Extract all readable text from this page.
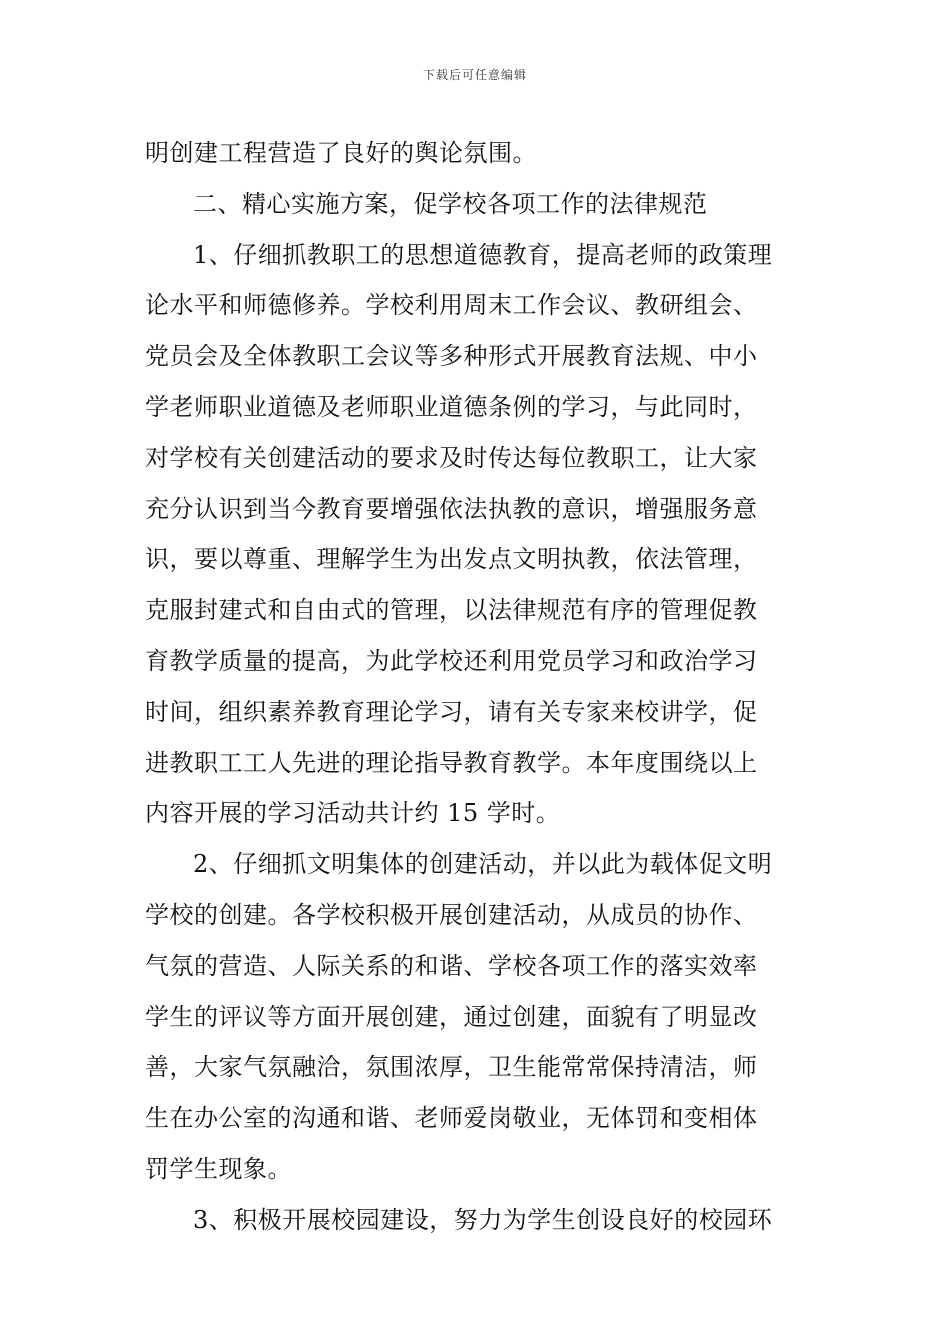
下载后可任意编辑
明创建工程营造了良好的舆论氛围。
二、精心实施方案，促学校各项工作的法律规范
1、仔细抓教职工的思想道德教育，提高老师的政策理
论水平和师德修养。学校利用周末工作会议、教研组会、
党员会及全体教职工会议等多种形式开展教育法规、中小
学老师职业道德及老师职业道德条例的学习，与此同时，
对学校有关创建活动的要求及时传达每位教职工，让大家
充分认识到当今教育要增强依法执教的意识，增强服务意
识，要以尊重、理解学生为出发点文明执教，依法管理，
克服封建式和自由式的管理，以法律规范有序的管理促教
育教学质量的提高，为此学校还利用党员学习和政治学习
时间，组织素养教育理论学习，请有关专家来校讲学，促
进教职工工人先进的理论指导教育教学。本年度围绕以上
内容开展的学习活动共计约 15 学时。
2、仔细抓文明集体的创建活动，并以此为载体促文明
学校的创建。各学校积极开展创建活动，从成员的协作、
气氛的营造、人际关系的和谐、学校各项工作的落实效率
学生的评议等方面开展创建，通过创建，面貌有了明显改
善，大家气氛融洽，氛围浓厚，卫生能常常保持清洁，师
生在办公室的沟通和谐、老师爱岗敬业，无体罚和变相体
罚学生现象。
3、积极开展校园建设，努力为学生创设良好的校园环
